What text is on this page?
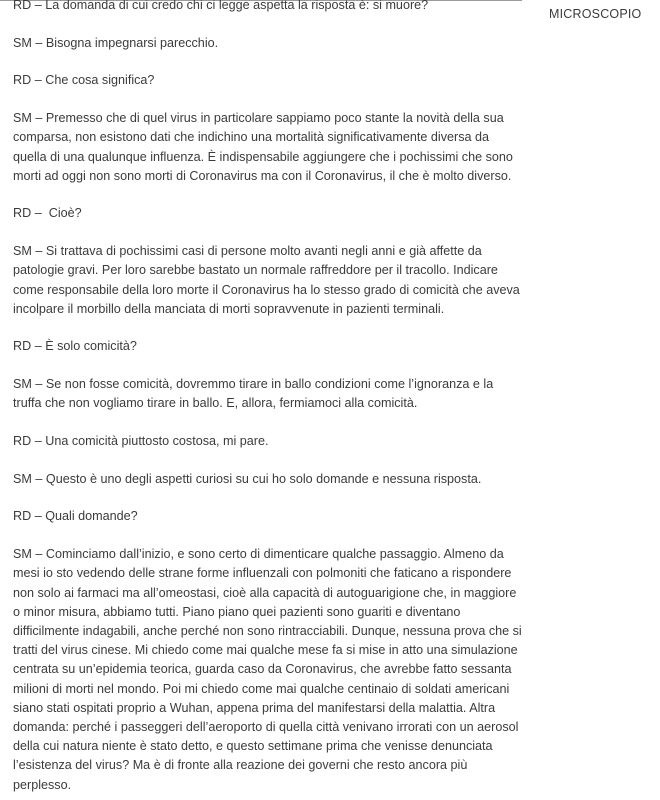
MICROSCOPIO

RD – La domanda di cui credo chi ci legge aspetta la risposta è: si muore?

SM – Bisogna impegnarsi parecchio.

RD – Che cosa significa?

SM – Premesso che di quel virus in particolare sappiamo poco stante la novità della sua comparsa, non esistono dati che indichino una mortalità significativamente diversa da quella di una qualunque influenza. È indispensabile aggiungere che i pochissimi che sono morti ad oggi non sono morti di Coronavirus ma con il Coronavirus, il che è molto diverso.

RD –  Cioè?

SM – Si trattava di pochissimi casi di persone molto avanti negli anni e già affette da patologie gravi. Per loro sarebbe bastato un normale raffreddore per il tracollo. Indicare come responsabile della loro morte il Coronavirus ha lo stesso grado di comicità che aveva incolpare il morbillo della manciata di morti sopravvenute in pazienti terminali.

RD – È solo comicità?

SM – Se non fosse comicità, dovremmo tirare in ballo condizioni come l’ignoranza e la truffa che non vogliamo tirare in ballo. E, allora, fermiamoci alla comicità.

RD – Una comicità piuttosto costosa, mi pare.

SM – Questo è uno degli aspetti curiosi su cui ho solo domande e nessuna risposta.

RD – Quali domande?

SM – Cominciamo dall’inizio, e sono certo di dimenticare qualche passaggio. Almeno da mesi io sto vedendo delle strane forme influenzali con polmoniti che faticano a rispondere non solo ai farmaci ma all’omeostasi, cioè alla capacità di autoguarigione che, in maggiore o minor misura, abbiamo tutti. Piano piano quei pazienti sono guariti e diventano difficilmente indagabili, anche perché non sono rintracciabili. Dunque, nessuna prova che si tratti del virus cinese. Mi chiedo come mai qualche mese fa si mise in atto una simulazione centrata su un’epidemia teorica, guarda caso da Coronavirus, che avrebbe fatto sessanta milioni di morti nel mondo. Poi mi chiedo come mai qualche centinaio di soldati americani siano stati ospitati proprio a Wuhan, appena prima del manifestarsi della malattia. Altra domanda: perché i passeggeri dell’aeroporto di quella città venivano irrorati con un aerosol della cui natura niente è stato detto, e questo settimane prima che venisse denunciata l’esistenza del virus? Ma è di fronte alla reazione dei governi che resto ancora più perplesso.
